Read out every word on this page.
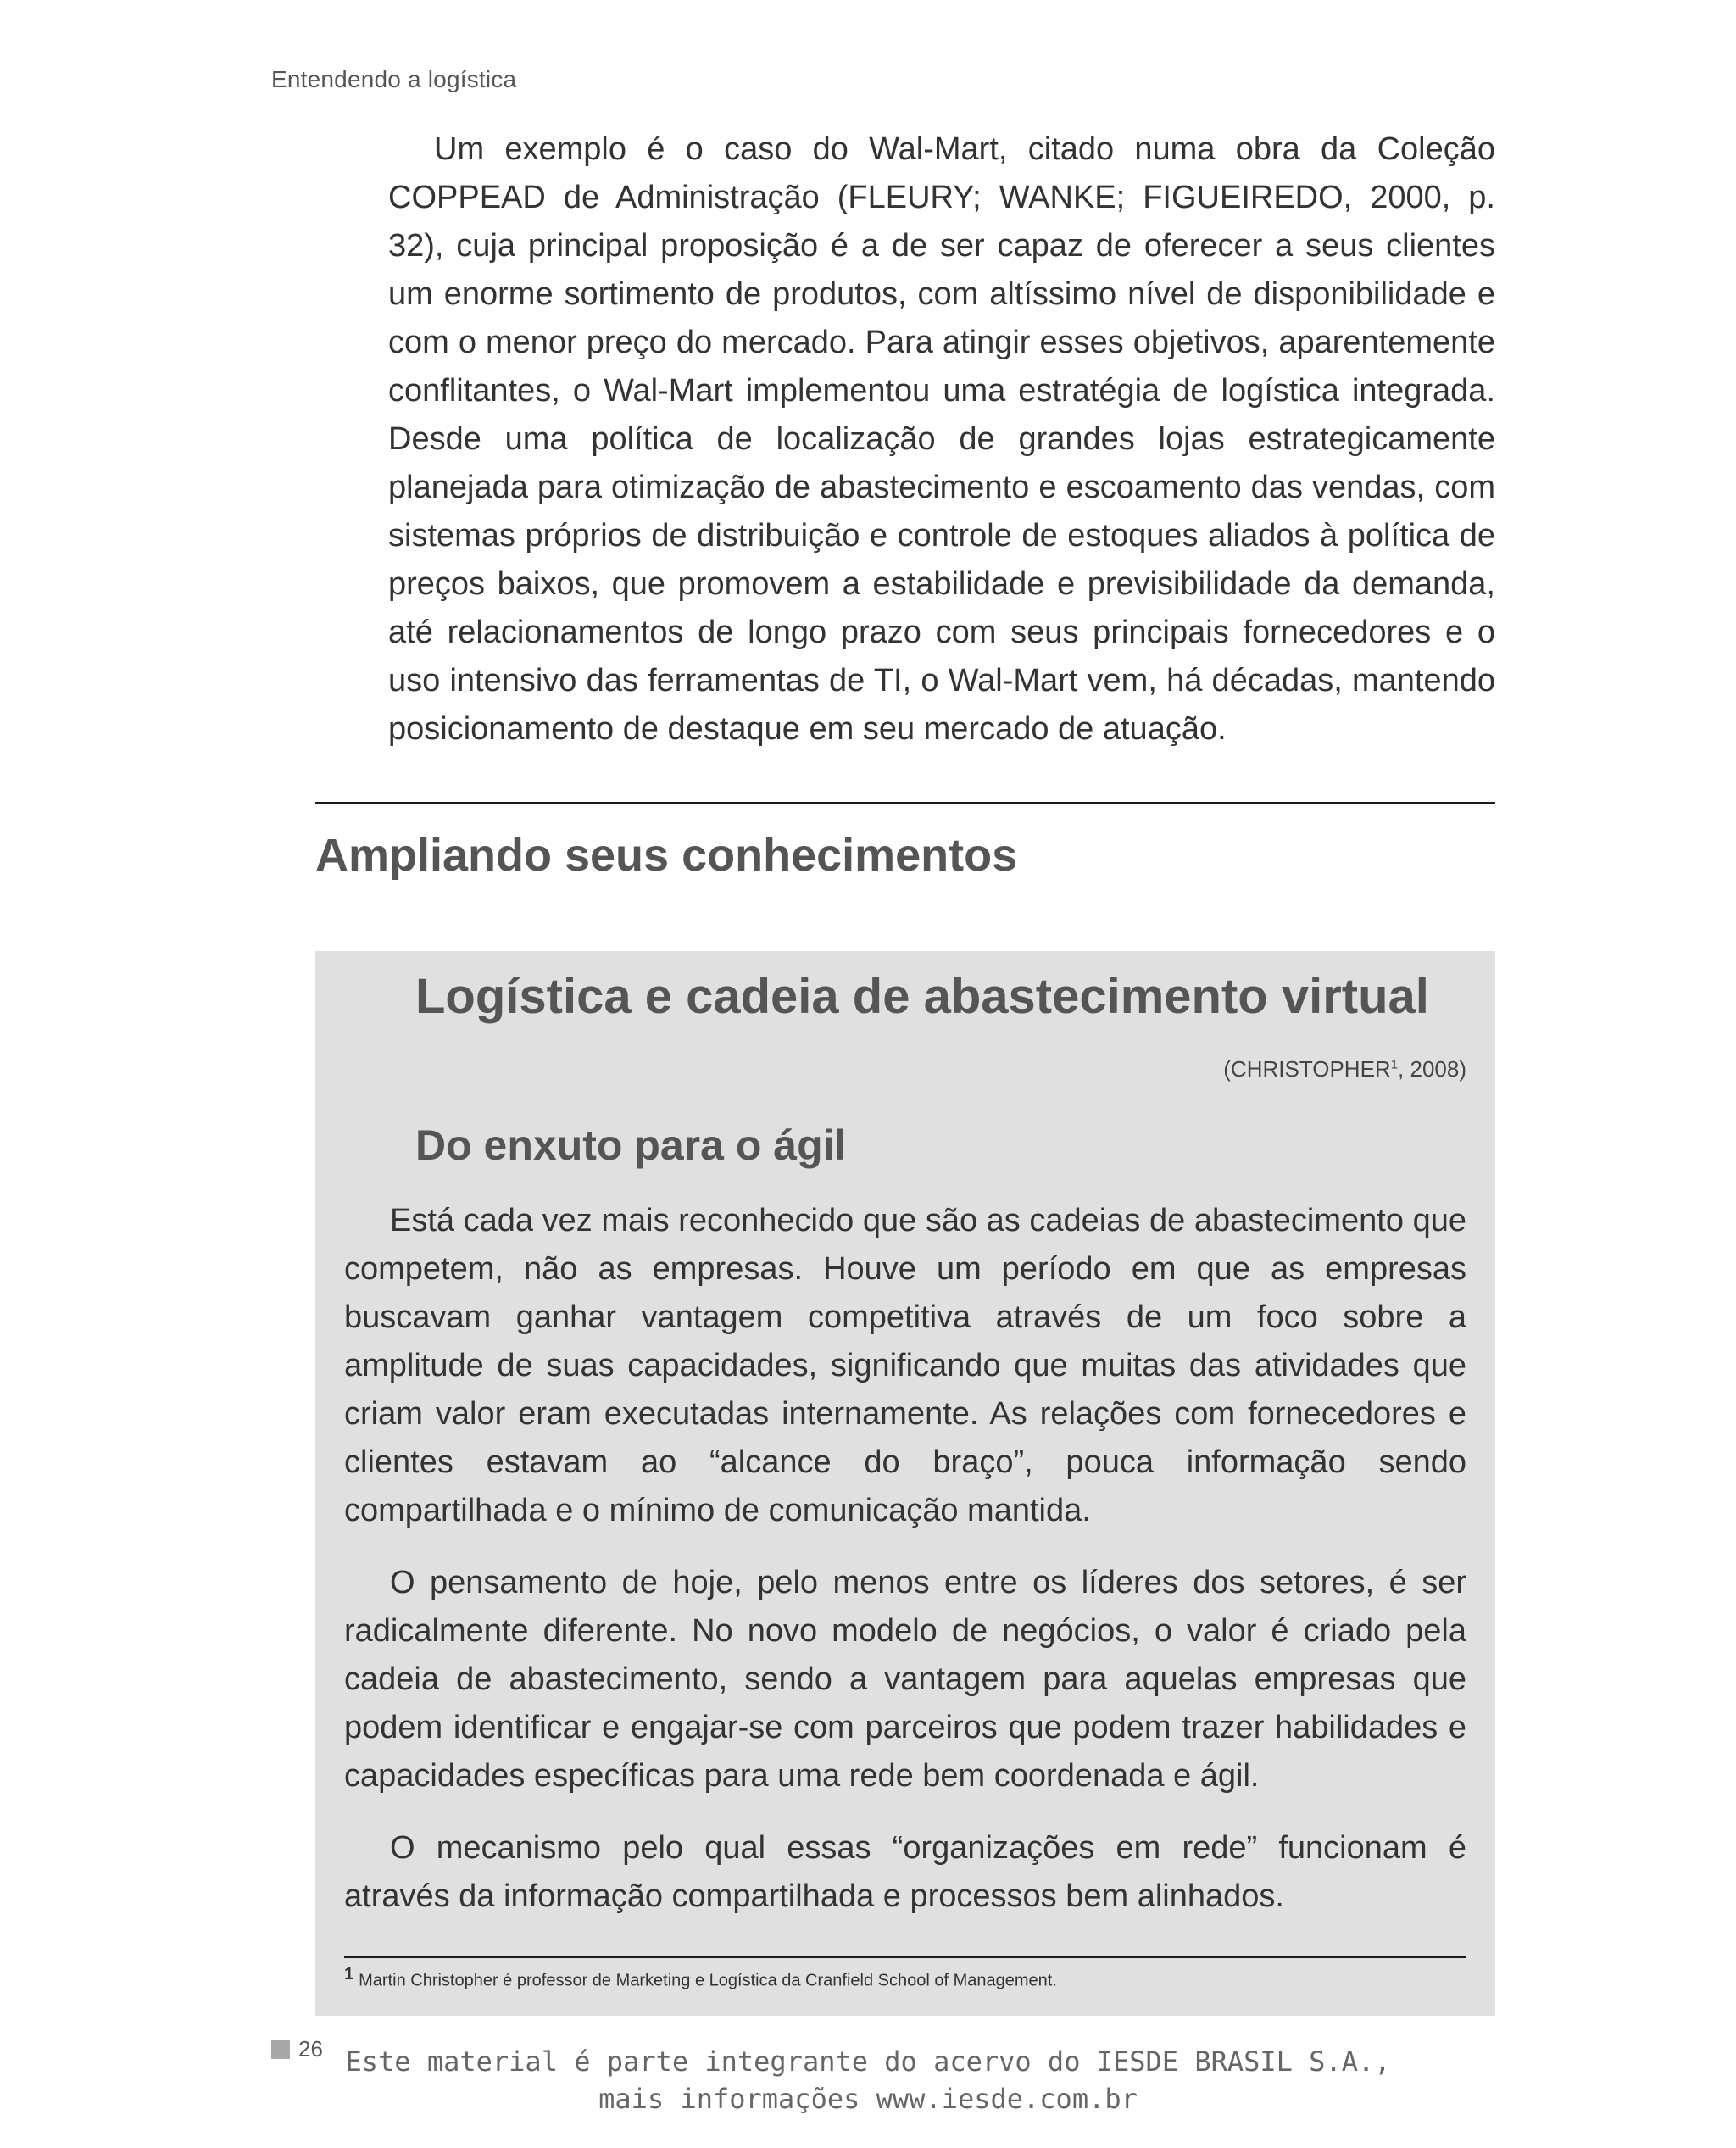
Entendendo a logística

Um exemplo é o caso do Wal-Mart, citado numa obra da Coleção COPPEAD de Administração (FLEURY; WANKE; FIGUEIREDO, 2000, p. 32), cuja principal proposição é a de ser capaz de oferecer a seus clientes um enorme sortimento de produtos, com altíssimo nível de disponibilidade e com o menor preço do mercado. Para atingir esses objetivos, aparentemente conflitantes, o Wal-Mart implementou uma estratégia de logística integrada. Desde uma política de localização de grandes lojas estrategicamente planejada para otimização de abastecimento e escoamento das vendas, com sistemas próprios de distribuição e controle de estoques aliados à política de preços baixos, que promovem a estabilidade e previsibilidade da demanda, até relacionamentos de longo prazo com seus principais fornecedores e o uso intensivo das ferramentas de TI, o Wal-Mart vem, há décadas, mantendo posicionamento de destaque em seu mercado de atuação.

Ampliando seus conhecimentos
Logística e cadeia de abastecimento virtual
(CHRISTOPHER$^1$, 2008)
Do enxuto para o ágil

Está cada vez mais reconhecido que são as cadeias de abastecimento que competem, não as empresas. Houve um período em que as empresas buscavam ganhar vantagem competitiva através de um foco sobre a amplitude de suas capacidades, significando que muitas das atividades que criam valor eram executadas internamente. As relações com fornecedores e clientes estavam ao “alcance do braço”, pouca informação sendo compartilhada e o mínimo de comunicação mantida.

O pensamento de hoje, pelo menos entre os líderes dos setores, é ser radicalmente diferente. No novo modelo de negócios, o valor é criado pela cadeia de abastecimento, sendo a vantagem para aquelas empresas que podem identificar e engajar-se com parceiros que podem trazer habilidades e capacidades específicas para uma rede bem coordenada e ágil.

O mecanismo pelo qual essas “organizações em rede” funcionam é através da informação compartilhada e processos bem alinhados.

1 Martin Christopher é professor de Marketing e Logística da Cranfield School of Management.
26 Este material é parte integrante do acervo do IESDE BRASIL S.A.,
mais informações www.iesde.com.br
